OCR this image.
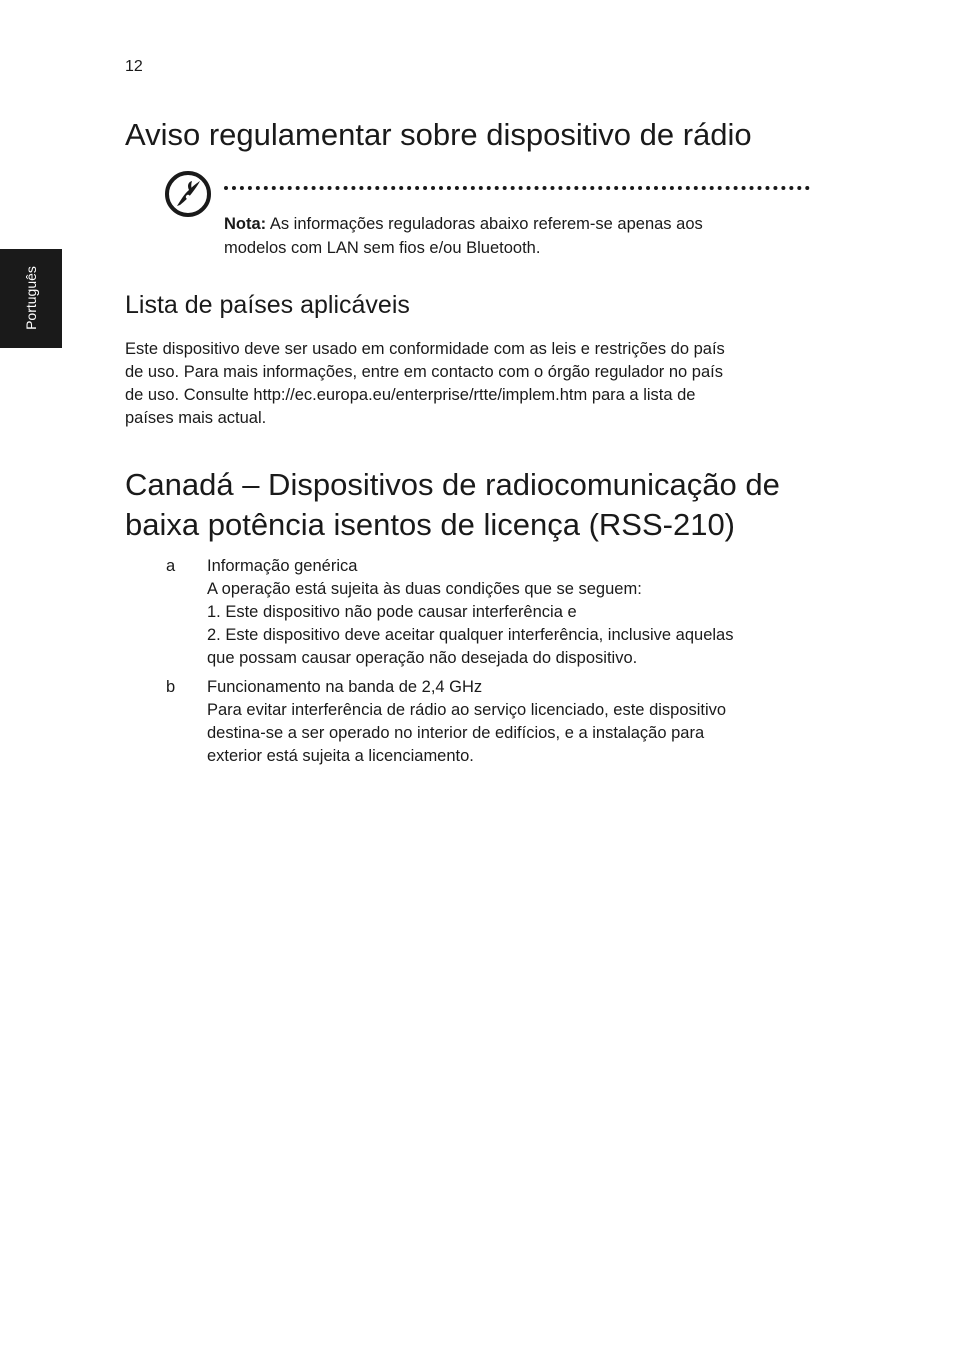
12
Português
Aviso regulamentar sobre dispositivo de rádio

Nota: As informações reguladoras abaixo referem-se apenas aos
modelos com LAN sem fios e/ou Bluetooth.

Lista de países aplicáveis

Este dispositivo deve ser usado em conformidade com as leis e restrições do país
de uso. Para mais informações, entre em contacto com o órgão regulador no país
de uso. Consulte http://ec.europa.eu/enterprise/rtte/implem.htm para a lista de
países mais actual.

Canadá – Dispositivos de radiocomunicação de
baixa potência isentos de licença (RSS-210)
a Informação genérica
A operação está sujeita às duas condições que se seguem:
1. Este dispositivo não pode causar interferência e
2. Este dispositivo deve aceitar qualquer interferência, inclusive aquelas
que possam causar operação não desejada do dispositivo.
b Funcionamento na banda de 2,4 GHz
Para evitar interferência de rádio ao serviço licenciado, este dispositivo
destina-se a ser operado no interior de edifícios, e a instalação para
exterior está sujeita a licenciamento.
